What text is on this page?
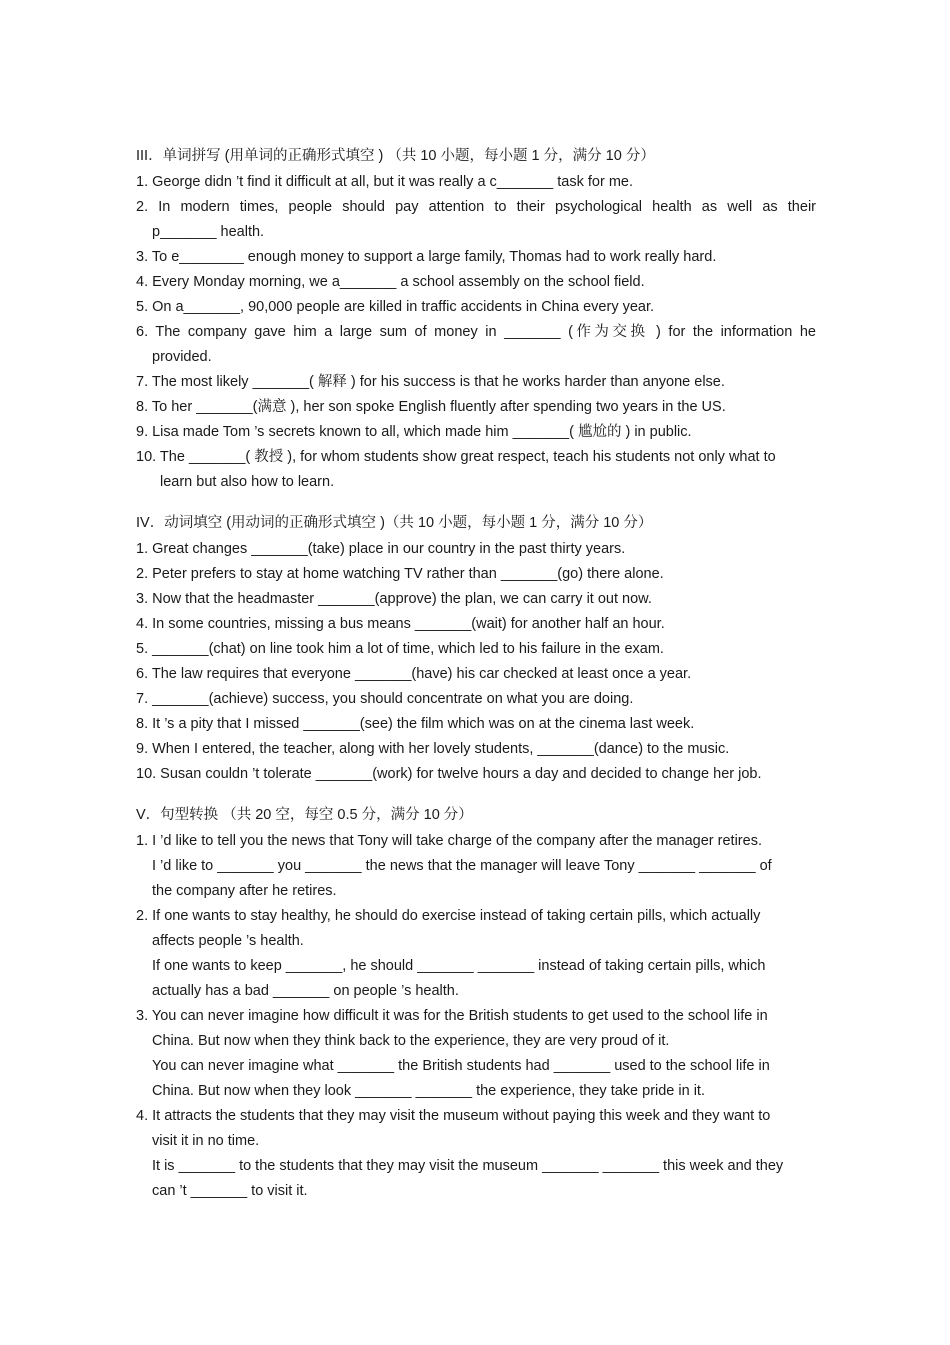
III．单词拼写 (用单词的正确形式填空 ) （共 10 小题，每小题 1 分，满分 10 分）
1. George didn ’t find it difficult at all, but it was really a c_______ task for me.
2. In modern times, people should pay attention to their psychological health as well as their
p_______ health.
3. To e________ enough money to support a large family, Thomas had to work really hard.
4. Every Monday morning, we a_______ a school assembly on the school field.
5. On a_______, 90,000 people are killed in traffic accidents in China every year.
6. The company gave him a large sum of money in _______ (作为交换 ) for the information he
provided.
7. The most likely _______( 解释 ) for his success is that he works harder than anyone else.
8. To her _______(满意 ), her son spoke English fluently after spending two years in the US.
9. Lisa made Tom ’s secrets known to all, which made him _______( 尴尬的 ) in public.
10. The _______( 教授 ), for whom students show great respect, teach his students not only what to
learn but also how to learn.
IV．动词填空 (用动词的正确形式填空 )（共 10 小题，每小题 1 分，满分 10 分）
1. Great changes _______(take) place in our country in the past thirty years.
2. Peter prefers to stay at home watching TV rather than _______(go) there alone.
3. Now that the headmaster _______(approve) the plan, we can carry it out now.
4. In some countries, missing a bus means _______(wait) for another half an hour.
5. _______(chat) on line took him a lot of time, which led to his failure in the exam.
6. The law requires that everyone _______(have) his car checked at least once a year.
7. _______(achieve) success, you should concentrate on what you are doing.
8. It ’s a pity that I missed _______(see) the film which was on at the cinema last week.
9. When I entered, the teacher, along with her lovely students, _______(dance) to the music.
10. Susan couldn ’t tolerate _______(work) for twelve hours a day and decided to change her job.
V．句型转换 （共 20 空，每空 0.5 分，满分 10 分）
1. I ’d like to tell you the news that Tony will take charge of the company after the manager retires.
I ’d like to _______ you _______ the news that the manager will leave Tony _______ _______ of
the company after he retires.
2. If one wants to stay healthy, he should do exercise instead of taking certain pills, which actually
affects people ’s health.
If one wants to keep _______, he should _______ _______ instead of taking certain pills, which
actually has a bad _______ on people ’s health.
3. You can never imagine how difficult it was for the British students to get used to the school life in
China. But now when they think back to the experience, they are very proud of it.
You can never imagine what _______ the British students had _______ used to the school life in
China. But now when they look _______ _______ the experience, they take pride in it.
4. It attracts the students that they may visit the museum without paying this week and they want to
visit it in no time.
It is _______ to the students that they may visit the museum _______ _______ this week and they
can ’t _______ to visit it.
